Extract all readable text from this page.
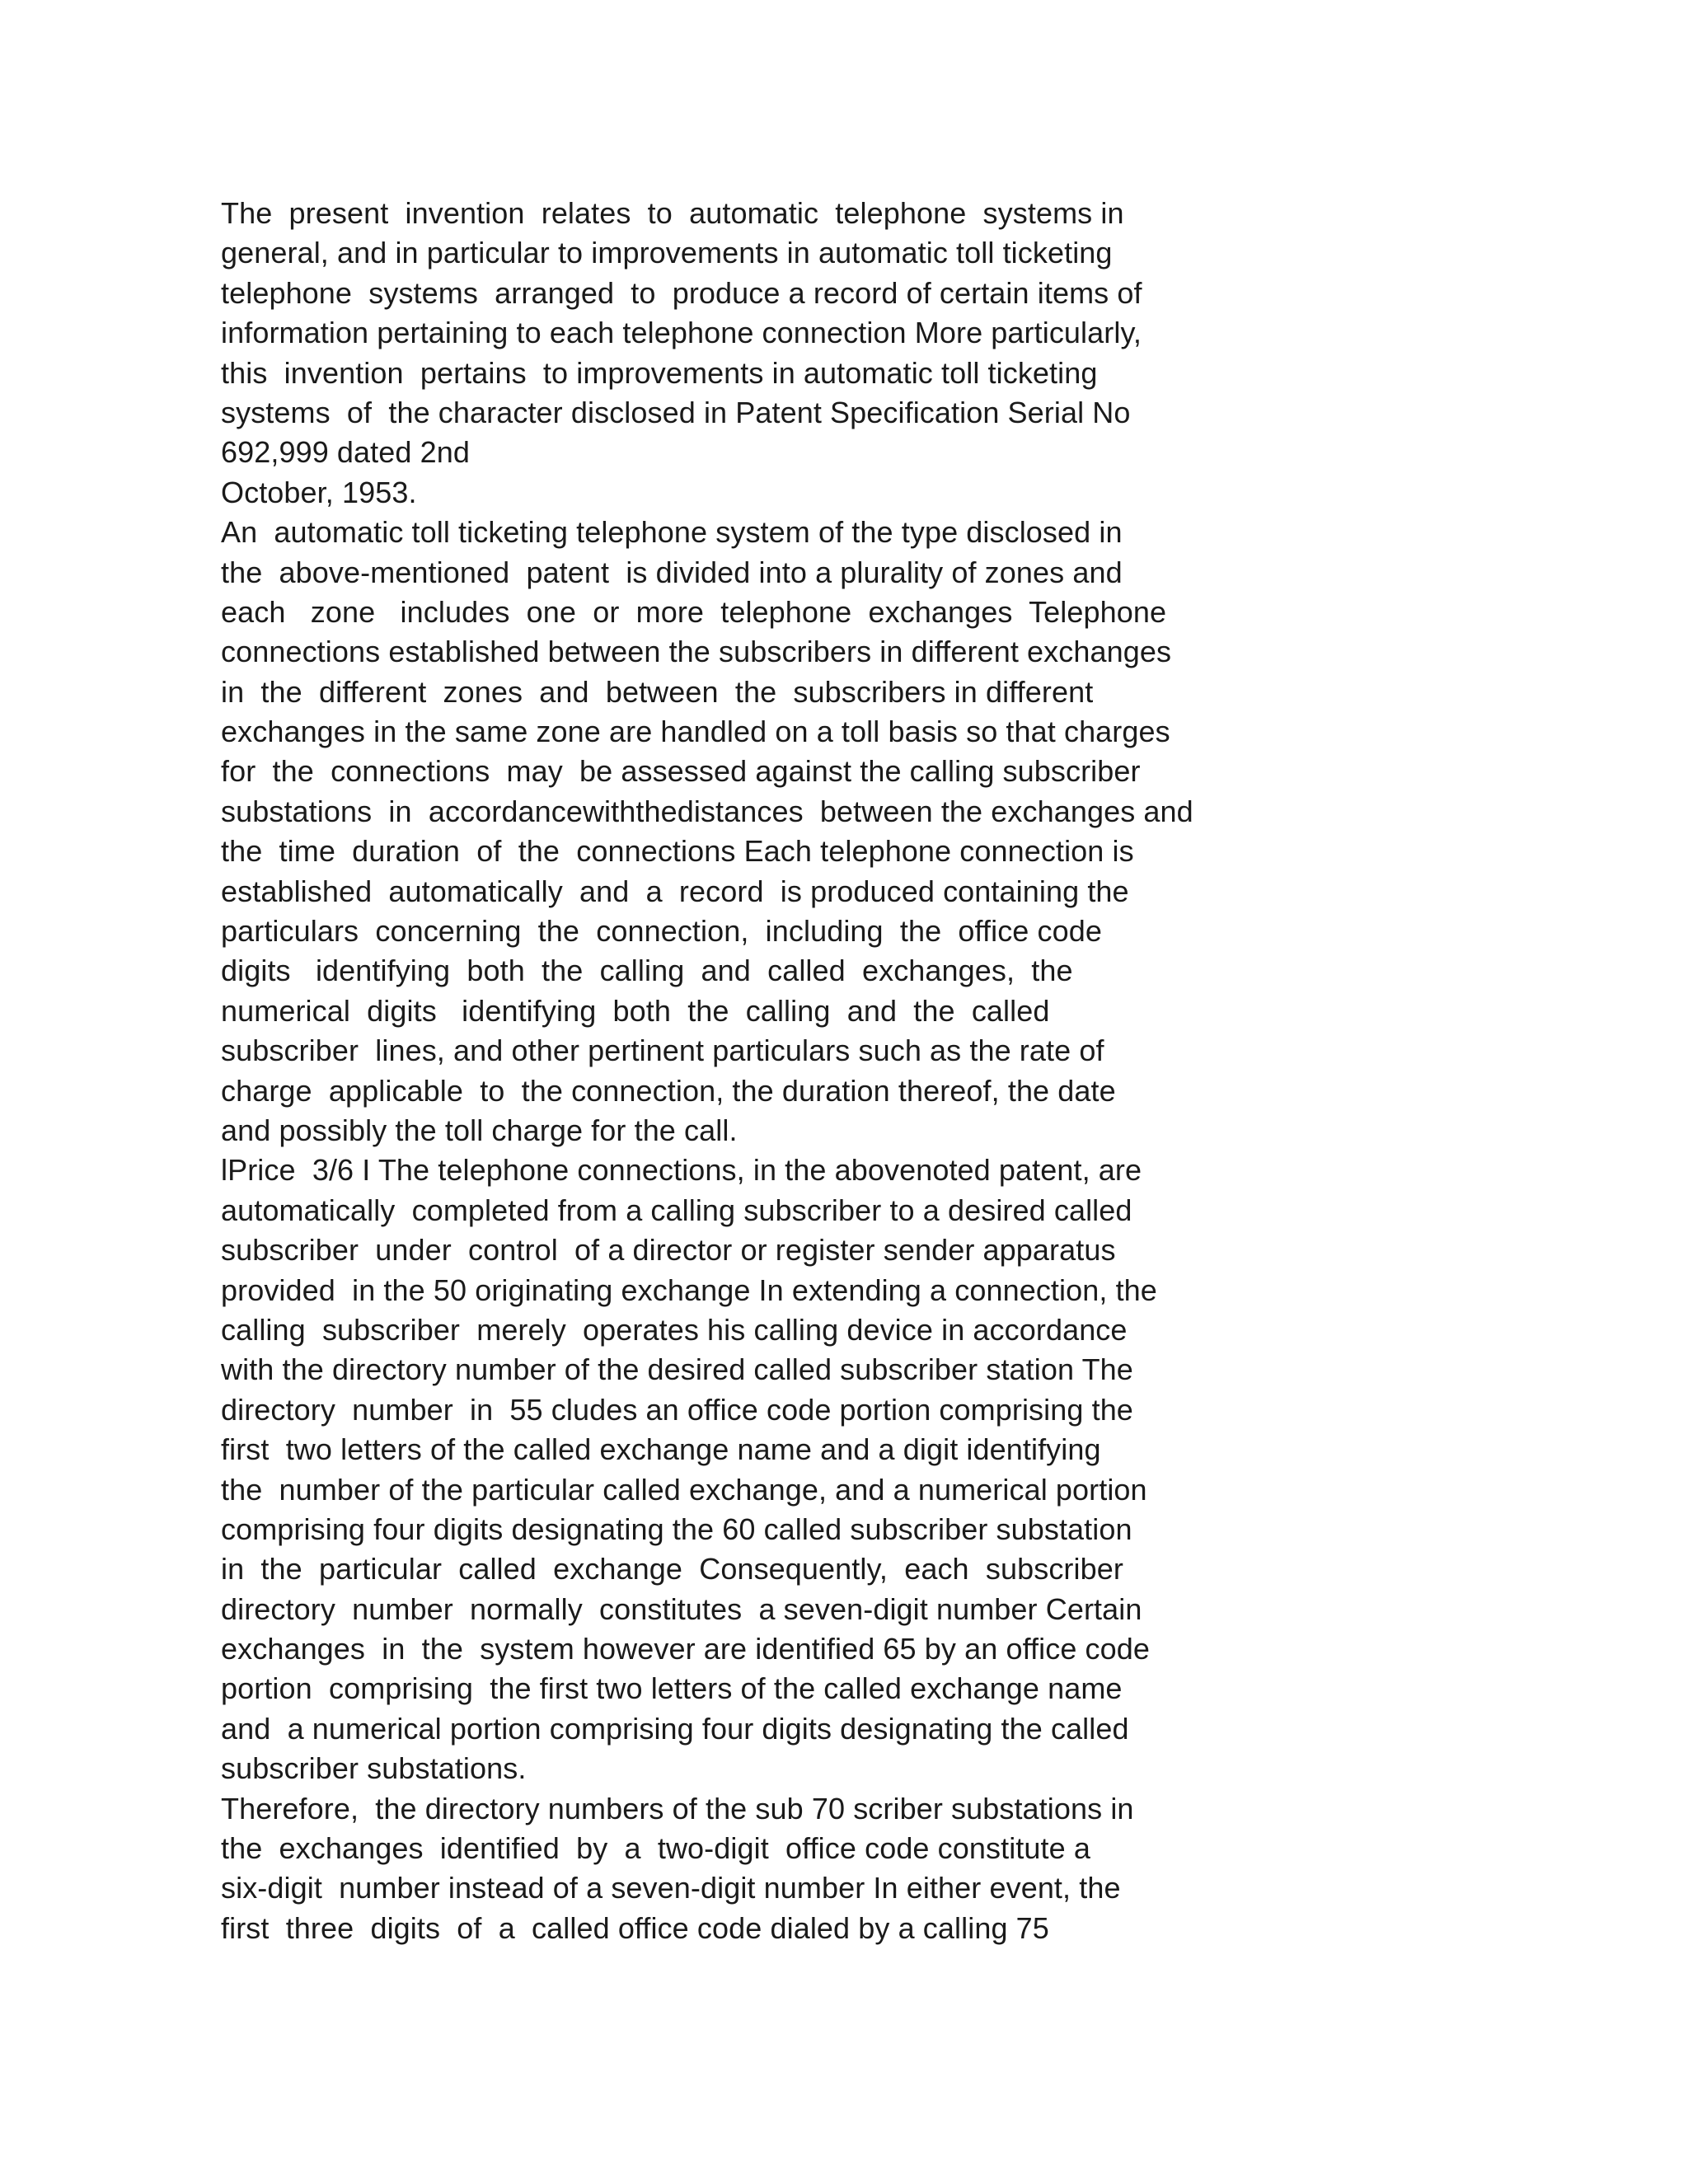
The  present  invention  relates  to  automatic  telephone  systems in
general, and in particular to improvements in automatic toll ticketing
telephone  systems  arranged  to  produce a record of certain items of
information pertaining to each telephone connection More particularly,
this  invention  pertains  to improvements in automatic toll ticketing
systems  of  the character disclosed in Patent Specification Serial No
692,999 dated 2nd
October, 1953.
An  automatic toll ticketing telephone system of the type disclosed in
the  above-mentioned  patent  is divided into a plurality of zones and
each   zone   includes  one  or  more  telephone  exchanges  Telephone
connections established between the subscribers in different exchanges
in  the  different  zones  and  between  the  subscribers in different
exchanges in the same zone are handled on a toll basis so that charges
for  the  connections  may  be assessed against the calling subscriber
substations  in  accordancewiththedistances  between the exchanges and
the  time  duration  of  the  connections Each telephone connection is
established  automatically  and  a  record  is produced containing the
particulars  concerning  the  connection,  including  the  office code
digits   identifying  both  the  calling  and  called  exchanges,  the
numerical  digits   identifying  both  the  calling  and  the  called
subscriber  lines, and other pertinent particulars such as the rate of
charge  applicable  to  the connection, the duration thereof, the date
and possibly the toll charge for the call.
lPrice  3/6 I The telephone connections, in the abovenoted patent, are
automatically  completed from a calling subscriber to a desired called
subscriber  under  control  of a director or register sender apparatus
provided  in the 50 originating exchange In extending a connection, the
calling  subscriber  merely  operates his calling device in accordance
with the directory number of the desired called subscriber station The
directory  number  in  55 cludes an office code portion comprising the
first  two letters of the called exchange name and a digit identifying
the  number of the particular called exchange, and a numerical portion
comprising four digits designating the 60 called subscriber substation
in  the  particular  called  exchange  Consequently,  each  subscriber
directory  number  normally  constitutes  a seven-digit number Certain
exchanges  in  the  system however are identified 65 by an office code
portion  comprising  the first two letters of the called exchange name
and  a numerical portion comprising four digits designating the called
subscriber substations.
Therefore,  the directory numbers of the sub 70 scriber substations in
the  exchanges  identified  by  a  two-digit  office code constitute a
six-digit  number instead of a seven-digit number In either event, the
first  three  digits  of  a  called office code dialed by a calling 75
